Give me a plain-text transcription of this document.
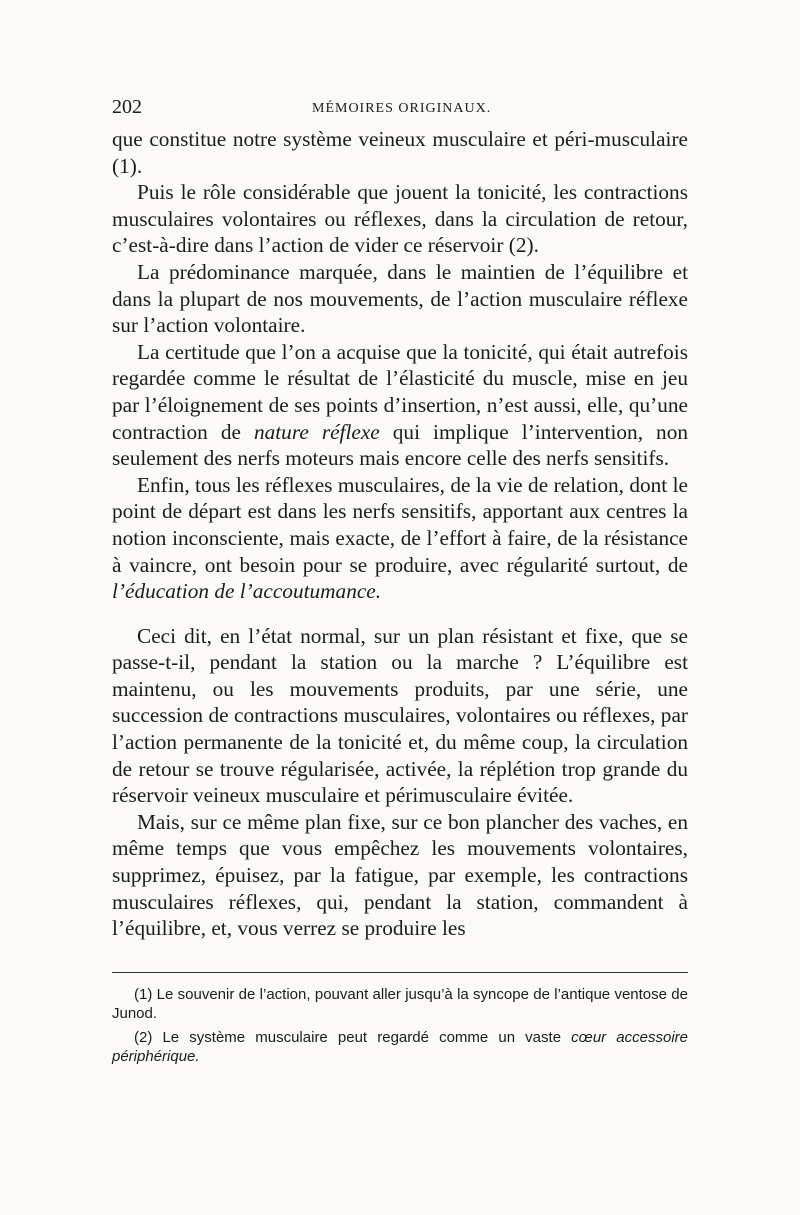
202	MÉMOIRES ORIGINAUX.

que constitue notre système veineux musculaire et péri-musculaire (1).

Puis le rôle considérable que jouent la tonicité, les contractions musculaires volontaires ou réflexes, dans la circulation de retour, c’est-à-dire dans l’action de vider ce réservoir (2).

La prédominance marquée, dans le maintien de l’équilibre et dans la plupart de nos mouvements, de l’action musculaire réflexe sur l’action volontaire.

La certitude que l’on a acquise que la tonicité, qui était autrefois regardée comme le résultat de l’élasticité du muscle, mise en jeu par l’éloignement de ses points d’insertion, n’est aussi, elle, qu’une contraction de nature réflexe qui implique l’intervention, non seulement des nerfs moteurs mais encore celle des nerfs sensitifs.

Enfin, tous les réflexes musculaires, de la vie de relation, dont le point de départ est dans les nerfs sensitifs, apportant aux centres la notion inconsciente, mais exacte, de l’effort à faire, de la résistance à vaincre, ont besoin pour se produire, avec régularité surtout, de l’éducation de l’accoutumance.

Ceci dit, en l’état normal, sur un plan résistant et fixe, que se passe-t-il, pendant la station ou la marche ? L’équilibre est maintenu, ou les mouvements produits, par une série, une succession de contractions musculaires, volontaires ou réflexes, par l’action permanente de la tonicité et, du même coup, la circulation de retour se trouve régularisée, activée, la réplétion trop grande du réservoir veineux musculaire et périmusculaire évitée.

Mais, sur ce même plan fixe, sur ce bon plancher des vaches, en même temps que vous empêchez les mouvements volontaires, supprimez, épuisez, par la fatigue, par exemple, les contractions musculaires réflexes, qui, pendant la station, commandent à l’équilibre, et, vous verrez se produire les

(1) Le souvenir de l’action, pouvant aller jusqu’à la syncope de l’antique ventose de Junod.

(2) Le système musculaire peut regardé comme un vaste cœur accessoire périphérique.
